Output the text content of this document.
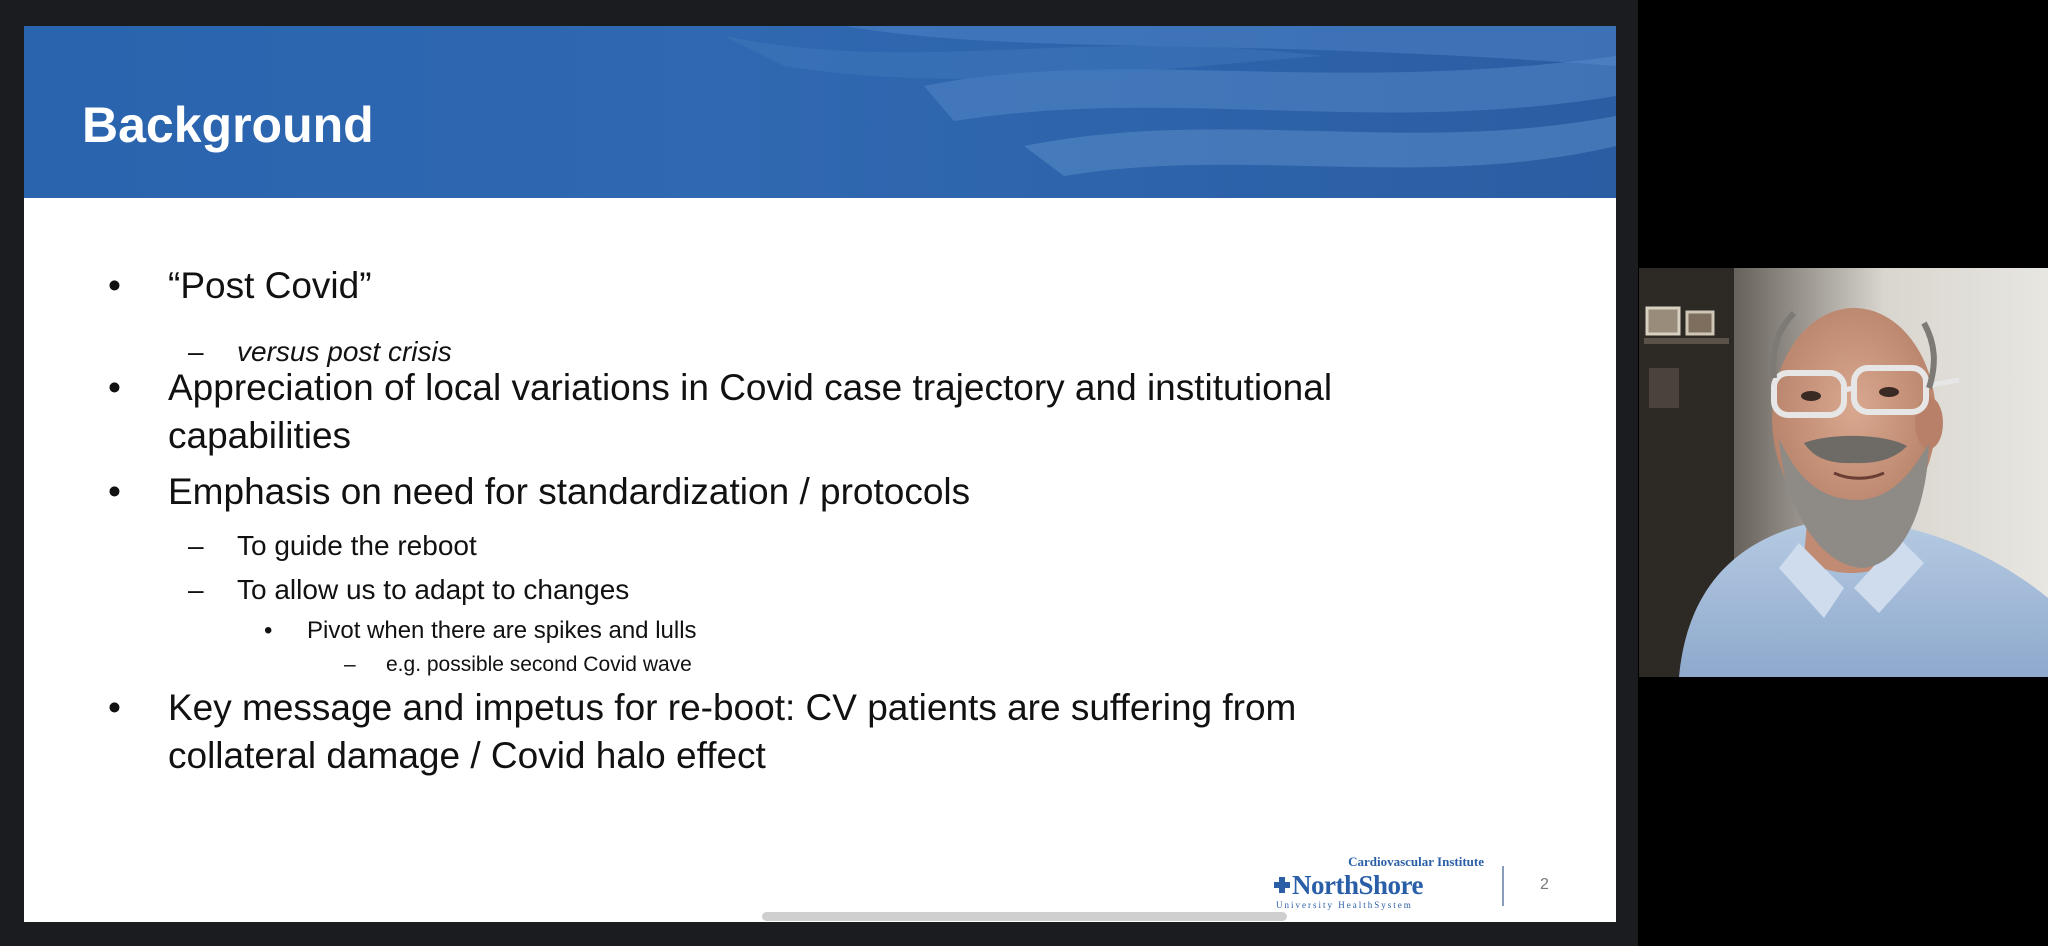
Background
• “Post Covid”
– versus post crisis
• Appreciation of local variations in Covid case trajectory and institutional
capabilities
• Emphasis on need for standardization / protocols
– To guide the reboot
– To allow us to adapt to changes
• Pivot when there are spikes and lulls
– e.g. possible second Covid wave
• Key message and impetus for re-boot: CV patients are suffering from
collateral damage / Covid halo effect
Cardiovascular Institute
NorthShore
University HealthSystem
2
